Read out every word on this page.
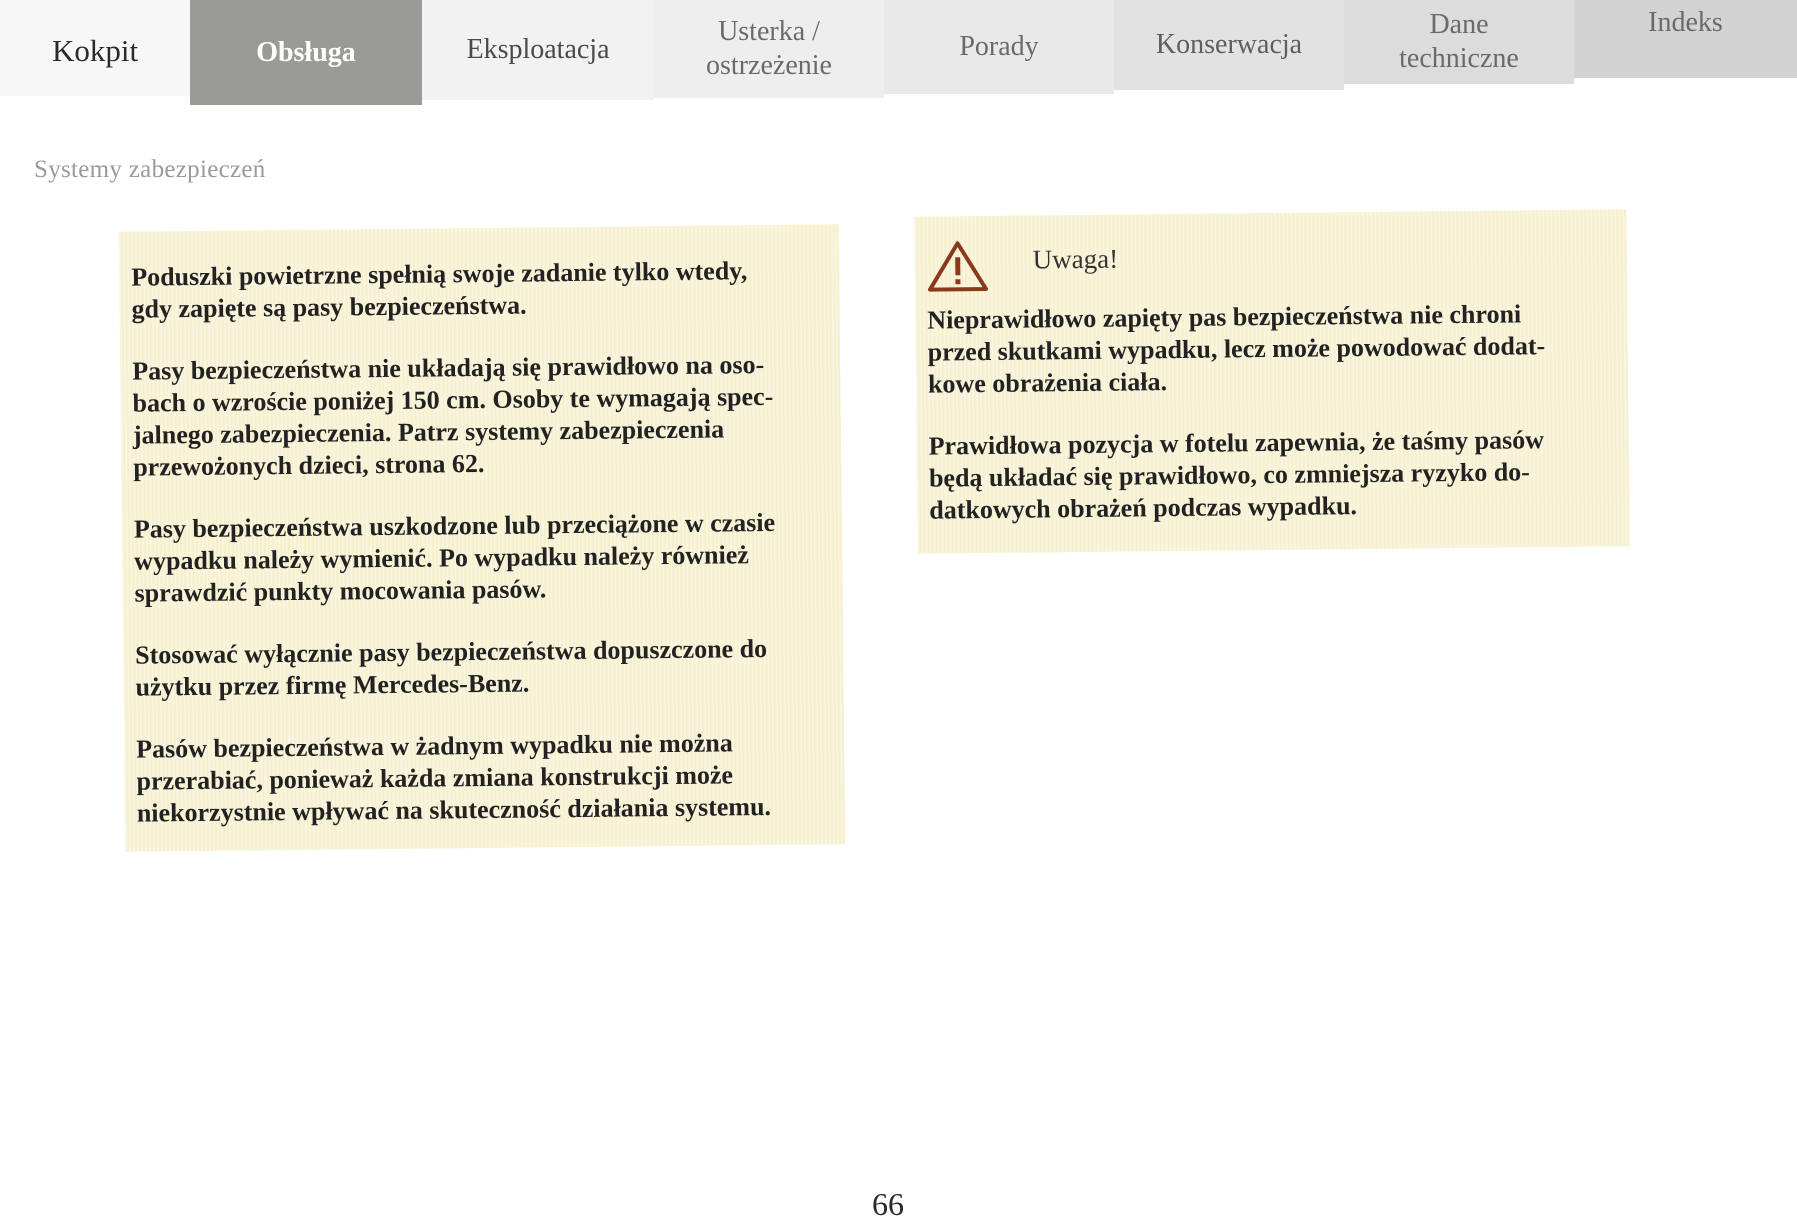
Kokpit	Obsługa	Eksploatacja
Usterka /
ostrzeżenie
Porady	Konserwacja
Dane
techniczne
Indeks
Systemy zabezpieczeń

Poduszki powietrzne spełnią swoje zadanie tylko wtedy,
gdy zapięte są pasy bezpieczeństwa.

Pasy bezpieczeństwa nie układają się prawidłowo na oso-
bach o wzroście poniżej 150 cm. Osoby te wymagają spec-
jalnego zabezpieczenia. Patrz systemy zabezpieczenia
przewożonych dzieci, strona 62.

Pasy bezpieczeństwa uszkodzone lub przeciążone w czasie
wypadku należy wymienić. Po wypadku należy również
sprawdzić punkty mocowania pasów.

Stosować wyłącznie pasy bezpieczeństwa dopuszczone do
użytku przez firmę Mercedes-Benz.

Pasów bezpieczeństwa w żadnym wypadku nie można
przerabiać, ponieważ każda zmiana konstrukcji może
niekorzystnie wpływać na skuteczność działania systemu.

Uwaga!

Nieprawidłowo zapięty pas bezpieczeństwa nie chroni
przed skutkami wypadku, lecz może powodować dodat-
kowe obrażenia ciała.

Prawidłowa pozycja w fotelu zapewnia, że taśmy pasów
będą układać się prawidłowo, co zmniejsza ryzyko do-
datkowych obrażeń podczas wypadku.

66
